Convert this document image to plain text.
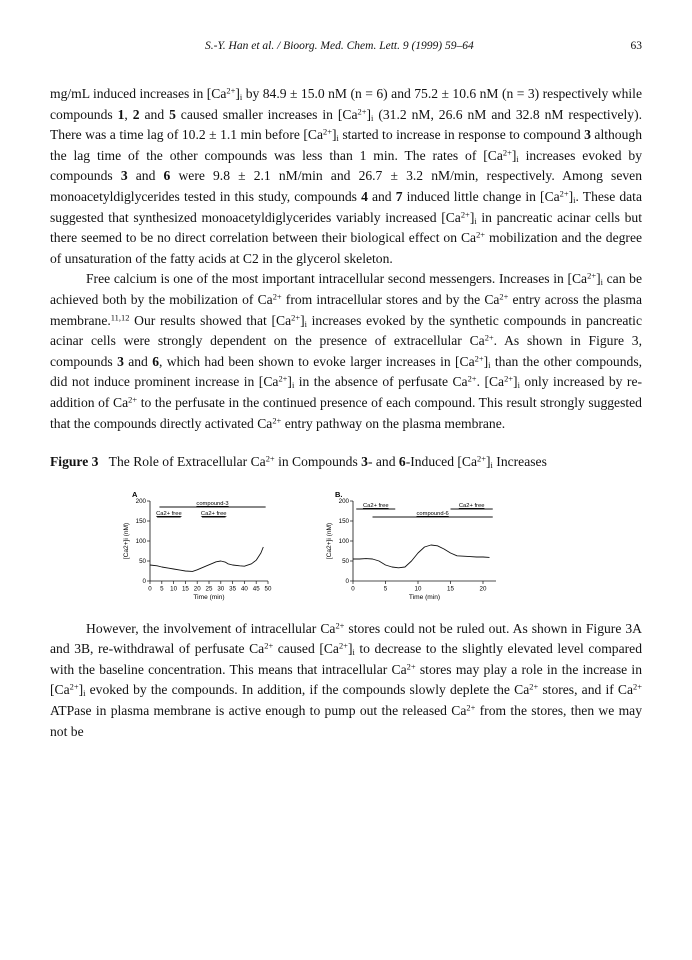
S.-Y. Han et al. / Bioorg. Med. Chem. Lett. 9 (1999) 59–64	63

mg/mL induced increases in $[Ca^{2+}]_i$ by 84.9 ± 15.0 nM (n = 6) and 75.2 ± 10.6 nM (n = 3) respectively while compounds 1, 2 and 5 caused smaller increases in $[Ca^{2+}]_i$ (31.2 nM, 26.6 nM and 32.8 nM respectively). There was a time lag of 10.2 ± 1.1 min before $[Ca^{2+}]_i$ started to increase in response to compound 3 although the lag time of the other compounds was less than 1 min. The rates of $[Ca^{2+}]_i$ increases evoked by compounds 3 and 6 were 9.8 ± 2.1 nM/min and 26.7 ± 3.2 nM/min, respectively. Among seven monoacetyldiglycerides tested in this study, compounds 4 and 7 induced little change in $[Ca^{2+}]_i$. These data suggested that synthesized monoacetyldiglycerides variably increased $[Ca^{2+}]_i$ in pancreatic acinar cells but there seemed to be no direct correlation between their biological effect on $Ca^{2+}$ mobilization and the degree of unsaturation of the fatty acids at C2 in the glycerol skeleton.

Free calcium is one of the most important intracellular second messengers. Increases in $[Ca^{2+}]_i$ can be achieved both by the mobilization of $Ca^{2+}$ from intracellular stores and by the $Ca^{2+}$ entry across the plasma membrane.$^{11,12}$ Our results showed that $[Ca^{2+}]_i$ increases evoked by the synthetic compounds in pancreatic acinar cells were strongly dependent on the presence of extracellular $Ca^{2+}$. As shown in Figure 3, compounds 3 and 6, which had been shown to evoke larger increases in $[Ca^{2+}]_i$ than the other compounds, did not induce prominent increase in $[Ca^{2+}]_i$ in the absence of perfusate $Ca^{2+}$. $[Ca^{2+}]_i$ only increased by re-addition of $Ca^{2+}$ to the perfusate in the continued presence of each compound. This result strongly suggested that the compounds directly activated $Ca^{2+}$ entry pathway on the plasma membrane.

Figure 3 The Role of Extracellular $Ca^{2+}$ in Compounds 3- and 6-Induced $[Ca^{2+}]_i$ Increases

A
0
50
100
150
200
0 5 10 15 20 25 30 35 40 45 50
Time (min)
[Ca2+]i (nM)
compound-3
Ca2+ free	Ca2+ free
B.
0
50
100
150
200
0	5	10	15	20
Time (min)
[Ca2+]i (nM)
Ca2+ free	Ca2+ free
compound-6

However, the involvement of intracellular $Ca^{2+}$ stores could not be ruled out. As shown in Figure 3A and 3B, re-withdrawal of perfusate $Ca^{2+}$ caused $[Ca^{2+}]_i$ to decrease to the slightly elevated level compared with the baseline concentration. This means that intracellular $Ca^{2+}$ stores may play a role in the increase in $[Ca^{2+}]_i$ evoked by the compounds. In addition, if the compounds slowly deplete the $Ca^{2+}$ stores, and if $Ca^{2+}$ ATPase in plasma membrane is active enough to pump out the released $Ca^{2+}$ from the stores, then we may not be
